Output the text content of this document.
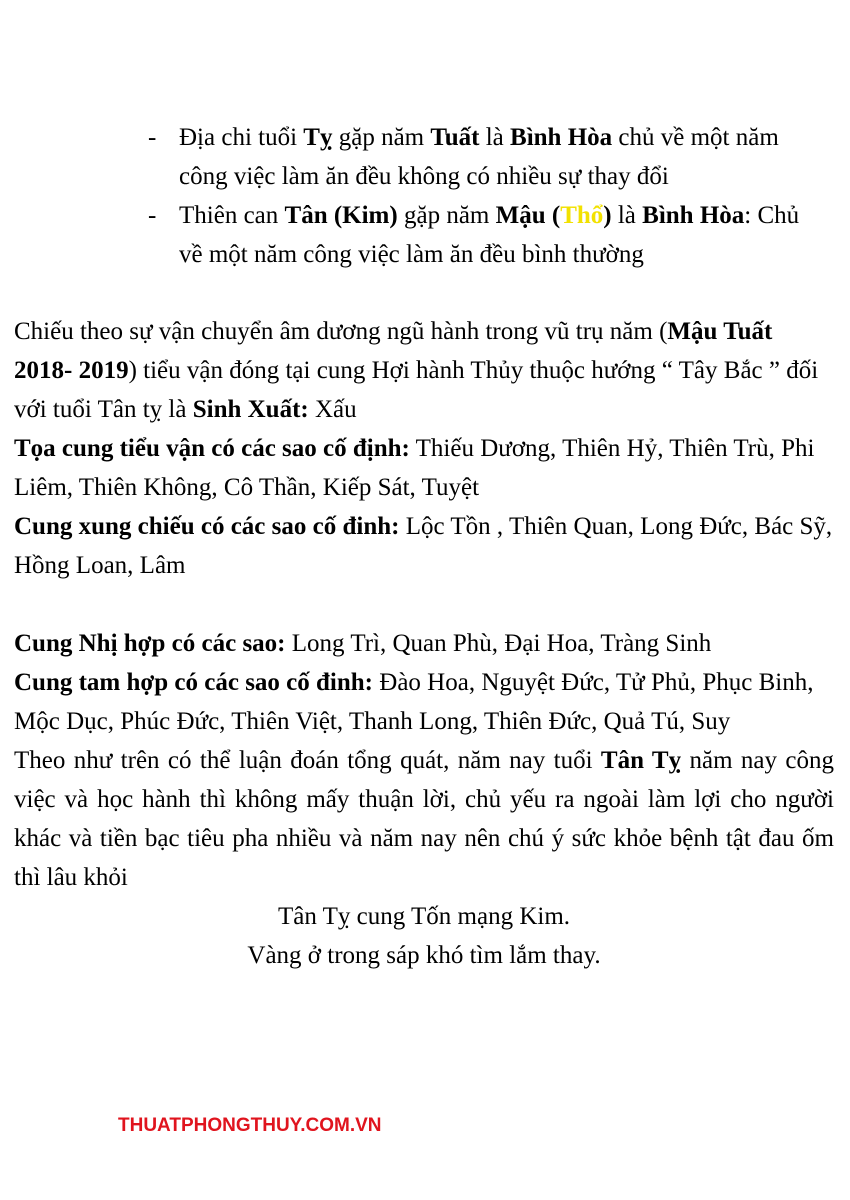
- Địa chi tuổi Tỵ gặp năm Tuất là Bình Hòa chủ về một năm công việc làm ăn đều không có nhiều sự thay đổi
- Thiên can Tân (Kim) gặp năm Mậu (Thổ) là Bình Hòa: Chủ về một năm công việc làm ăn đều bình thường

Chiếu theo sự vận chuyển âm dương ngũ hành trong vũ trụ năm (Mậu Tuất 2018- 2019) tiểu vận đóng tại cung Hợi hành Thủy thuộc hướng “ Tây Bắc ” đối với tuổi Tân tỵ là Sinh Xuất: Xấu

Tọa cung tiểu vận có các sao cố định: Thiếu Dương, Thiên Hỷ, Thiên Trù, Phi Liêm, Thiên Không, Cô Thần, Kiếp Sát, Tuyệt

Cung xung chiếu có các sao cố đinh: Lộc Tồn , Thiên Quan, Long Đức, Bác Sỹ, Hồng Loan, Lâm

Cung Nhị hợp có các sao: Long Trì, Quan Phù, Đại Hoa, Tràng Sinh

Cung tam hợp có các sao cố đinh: Đào Hoa, Nguyệt Đức, Tử Phủ, Phục Binh, Mộc Dục, Phúc Đức, Thiên Việt, Thanh Long, Thiên Đức, Quả Tú, Suy

Theo như trên có thể luận đoán tổng quát, năm nay tuổi Tân Tỵ năm nay công việc và học hành thì không mấy thuận lời, chủ yếu ra ngoài làm lợi cho người khác và tiền bạc tiêu pha nhiều và năm nay nên chú ý sức khỏe bệnh tật đau ốm thì lâu khỏi

Tân Tỵ cung Tốn mạng Kim.

Vàng ở trong sáp khó tìm lắm thay.

THUATPHONGTHUY.COM.VN
